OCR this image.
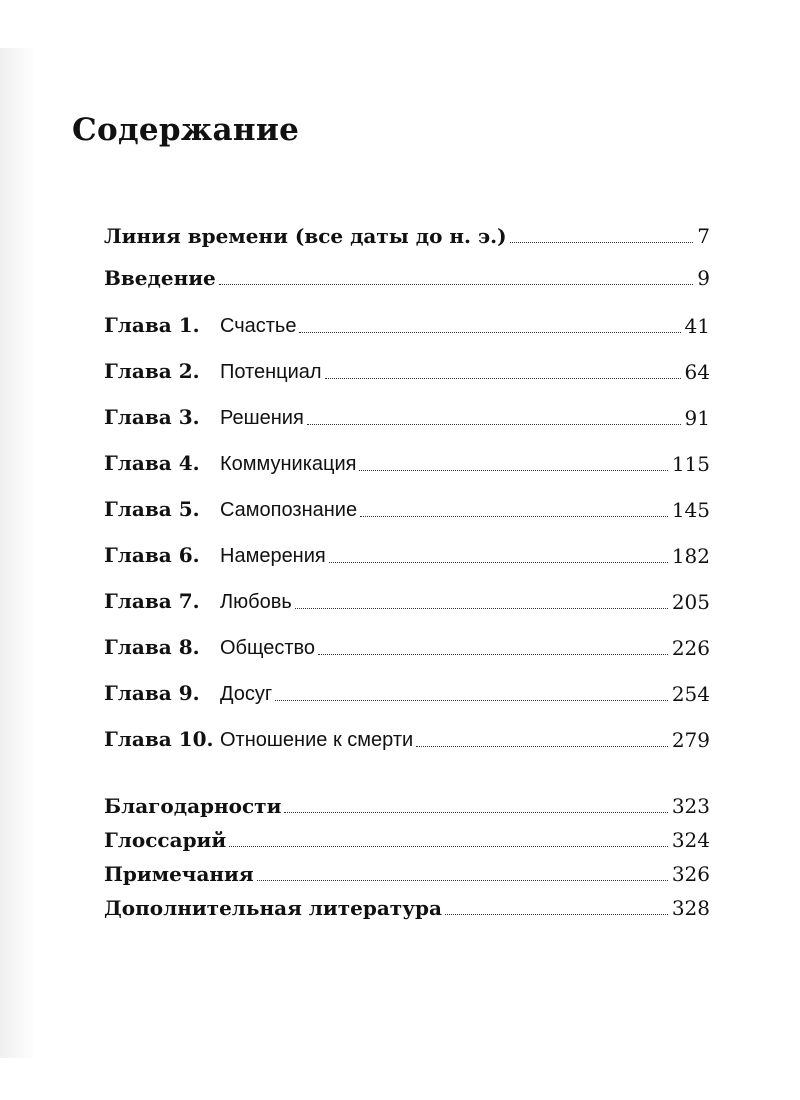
Содержание
Линия времени (все даты до н. э.)	7
Введение	9
Глава 1. Счастье	41
Глава 2. Потенциал	64
Глава 3. Решения	91
Глава 4. Коммуникация	115
Глава 5. Самопознание	145
Глава 6. Намерения	182
Глава 7. Любовь	205
Глава 8. Общество	226
Глава 9. Досуг	254
Глава 10. Отношение к смерти	279
Благодарности	323
Глоссарий	324
Примечания	326
Дополнительная литература	328
